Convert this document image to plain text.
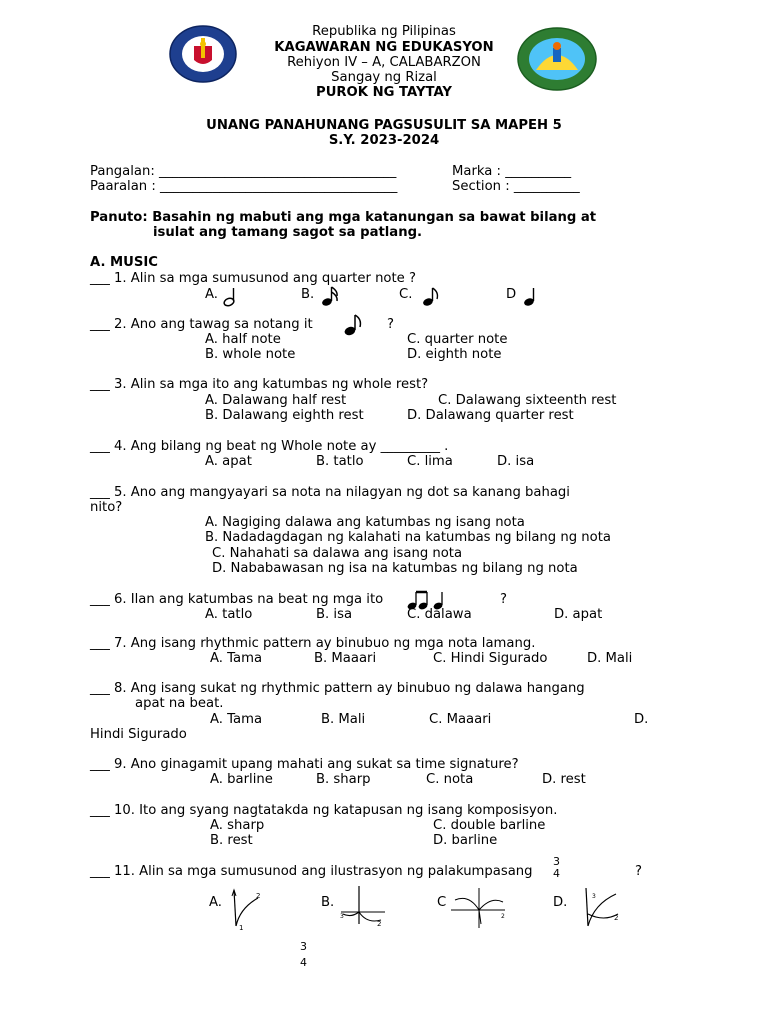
Republika ng Pilipinas
KAGAWARAN NG EDUKASYON
Rehiyon IV – A, CALABARZON
Sangay ng Rizal
PUROK NG TAYTAY
UNANG PANAHUNANG PAGSUSULIT SA MAPEH 5
S.Y. 2023-2024
Pangalan: ____________________________________	Marka : __________
Paaralan : ____________________________________	Section : __________
Panuto: Basahin ng mabuti ang mga katanungan sa bawat bilang at
isulat ang tamang sagot sa patlang.
A. MUSIC
___ 1. Alin sa mga sumusunod ang quarter note ?
A.	B.	C.	D
___ 2. Ano ang tawag sa notang it	?
A. half note	C. quarter note
B. whole note	D. eighth note
___ 3. Alin sa mga ito ang katumbas ng whole rest?
A. Dalawang half rest	C. Dalawang sixteenth rest
B. Dalawang eighth rest	D. Dalawang quarter rest
___ 4. Ang bilang ng beat ng Whole note ay _________ .
A. apat	B. tatlo	C. lima	D. isa
___ 5. Ano ang mangyayari sa nota na nilagyan ng dot sa kanang bahagi
nito?
A. Nagiging dalawa ang katumbas ng isang nota
B. Nadadagdagan ng kalahati na katumbas ng bilang ng nota
C. Nahahati sa dalawa ang isang nota
D. Nababawasan ng isa na katumbas ng bilang ng nota
___ 6. Ilan ang katumbas na beat ng mga ito	?
A. tatlo	B. isa	C. dalawa	D. apat
___ 7. Ang isang rhythmic pattern ay binubuo ng mga nota lamang.
A. Tama	B. Maaari	C. Hindi Sigurado	D. Mali
___ 8. Ang isang sukat ng rhythmic pattern ay binubuo ng dalawa hangang
apat na beat.
A. Tama	B. Mali	C. Maaari	D.
Hindi Sigurado
___ 9. Ano ginagamit upang mahati ang sukat sa time signature?
A. barline	B. sharp	C. nota	D. rest
___ 10. Ito ang syang nagtatakda ng katapusan ng isang komposisyon.
A. sharp	C. double barline
B. rest	D. barline
___ 11. Alin sa mga sumusunod ang ilustrasyon ng palakumpasang
3
4	?
A.	2
1
B.
3
2
C
2
D.	3
2
3
4
